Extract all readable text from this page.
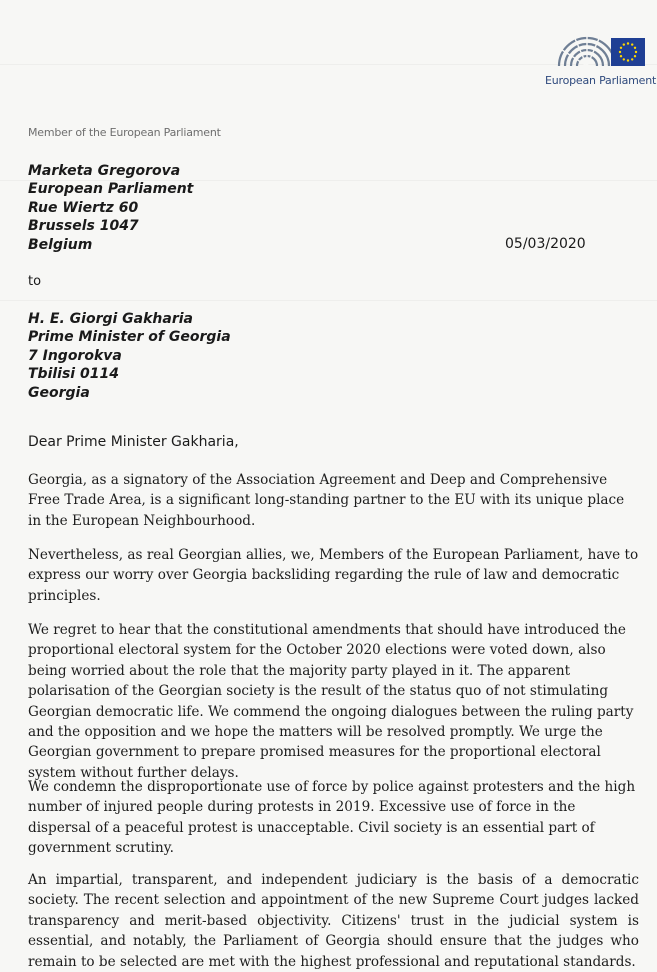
European Parliament
Member of the European Parliament
Marketa Gregorova
European Parliament
Rue Wiertz 60
Brussels 1047
Belgium	05/03/2020
to
H. E. Giorgi Gakharia
Prime Minister of Georgia
7 Ingorokva
Tbilisi 0114
Georgia
Dear Prime Minister Gakharia,
Georgia, as a signatory of the Association Agreement and Deep and Comprehensive Free Trade Area, is a significant long-standing partner to the EU with its unique place in the European Neighbourhood.
Nevertheless, as real Georgian allies, we, Members of the European Parliament, have to express our worry over Georgia backsliding regarding the rule of law and democratic principles.
We regret to hear that the constitutional amendments that should have introduced the proportional electoral system for the October 2020 elections were voted down, also being worried about the role that the majority party played in it. The apparent polarisation of the Georgian society is the result of the status quo of not stimulating Georgian democratic life. We commend the ongoing dialogues between the ruling party and the opposition and we hope the matters will be resolved promptly. We urge the Georgian government to prepare promised measures for the proportional electoral system without further delays.
We condemn the disproportionate use of force by police against protesters and the high number of injured people during protests in 2019. Excessive use of force in the dispersal of a peaceful protest is unacceptable. Civil society is an essential part of government scrutiny.
An impartial, transparent, and independent judiciary is the basis of a democratic society. The recent selection and appointment of the new Supreme Court judges lacked transparency and merit-based objectivity. Citizens' trust in the judicial system is essential, and notably, the Parliament of Georgia should ensure that the judges who remain to be selected are met with the highest professional and reputational standards.
